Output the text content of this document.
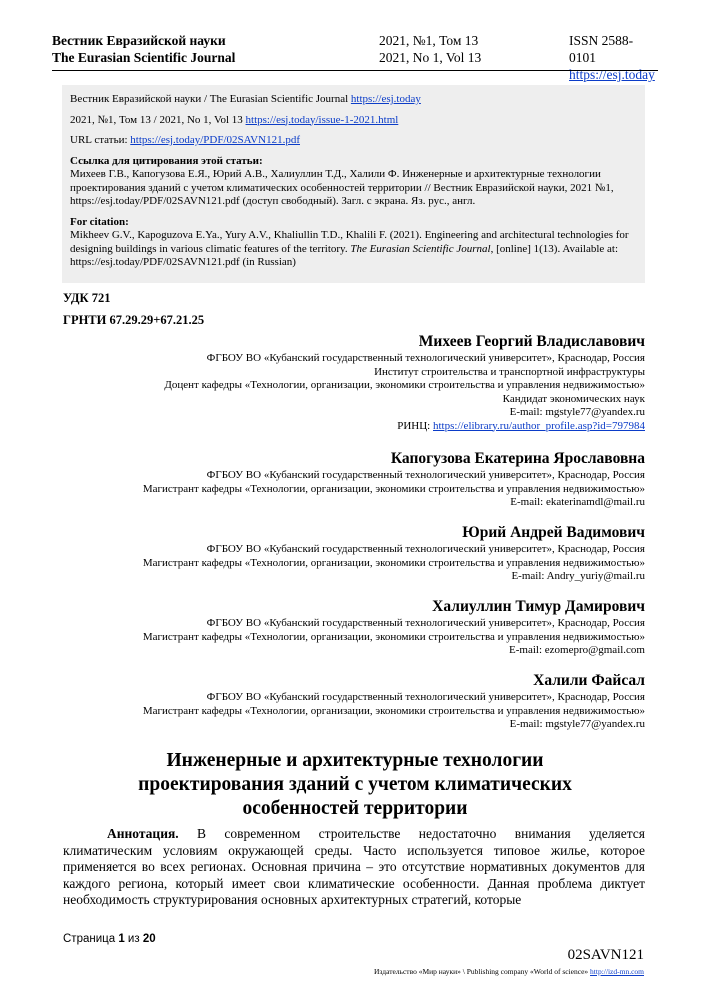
Вестник Евразийской науки
The Eurasian Scientific Journal
2021, №1, Том 13
2021, No 1, Vol 13
ISSN 2588-0101
https://esj.today

Вестник Евразийской науки / The Eurasian Scientific Journal https://esj.today

2021, №1, Том 13 / 2021, No 1, Vol 13 https://esj.today/issue-1-2021.html

URL статьи: https://esj.today/PDF/02SAVN121.pdf

Ссылка для цитирования этой статьи:

Михеев Г.В., Капогузова Е.Я., Юрий А.В., Халиуллин Т.Д., Халили Ф. Инженерные и архитектурные технологии проектирования зданий с учетом климатических особенностей территории // Вестник Евразийской науки, 2021 №1, https://esj.today/PDF/02SAVN121.pdf (доступ свободный). Загл. с экрана. Яз. рус., англ.

For citation:

Mikheev G.V., Kapoguzova E.Ya., Yury A.V., Khaliullin T.D., Khalili F. (2021). Engineering and architectural technologies for designing buildings in various climatic features of the territory. The Eurasian Scientific Journal, [online] 1(13). Available at: https://esj.today/PDF/02SAVN121.pdf (in Russian)

УДК 721
ГРНТИ 67.29.29+67.21.25
Михеев Георгий Владиславович
ФГБОУ ВО «Кубанский государственный технологический университет», Краснодар, Россия
Институт строительства и транспортной инфраструктуры
Доцент кафедры «Технологии, организации, экономики строительства и управления недвижимостью»
Кандидат экономических наук
E-mail: mgstyle77@yandex.ru
РИНЦ: https://elibrary.ru/author_profile.asp?id=797984
Капогузова Екатерина Ярославовна
ФГБОУ ВО «Кубанский государственный технологический университет», Краснодар, Россия
Магистрант кафедры «Технологии, организации, экономики строительства и управления недвижимостью»
E-mail: ekaterinamdl@mail.ru
Юрий Андрей Вадимович
ФГБОУ ВО «Кубанский государственный технологический университет», Краснодар, Россия
Магистрант кафедры «Технологии, организации, экономики строительства и управления недвижимостью»
E-mail: Andry_yuriy@mail.ru
Халиуллин Тимур Дамирович
ФГБОУ ВО «Кубанский государственный технологический университет», Краснодар, Россия
Магистрант кафедры «Технологии, организации, экономики строительства и управления недвижимостью»
E-mail: ezomepro@gmail.com
Халили Файсал
ФГБОУ ВО «Кубанский государственный технологический университет», Краснодар, Россия
Магистрант кафедры «Технологии, организации, экономики строительства и управления недвижимостью»
E-mail: mgstyle77@yandex.ru
Инженерные и архитектурные технологии
проектирования зданий с учетом климатических
особенностей территории
Аннотация. В современном строительстве недостаточно внимания уделяется климатическим условиям окружающей среды. Часто используется типовое жилье, которое применяется во всех регионах. Основная причина – это отсутствие нормативных документов для каждого региона, который имеет свои климатические особенности. Данная проблема диктует необходимость структурирования основных архитектурных стратегий, которые
Страница 1 из 20
02SAVN121
Издательство «Мир науки» \ Publishing company «World of science» http://izd-mn.com
